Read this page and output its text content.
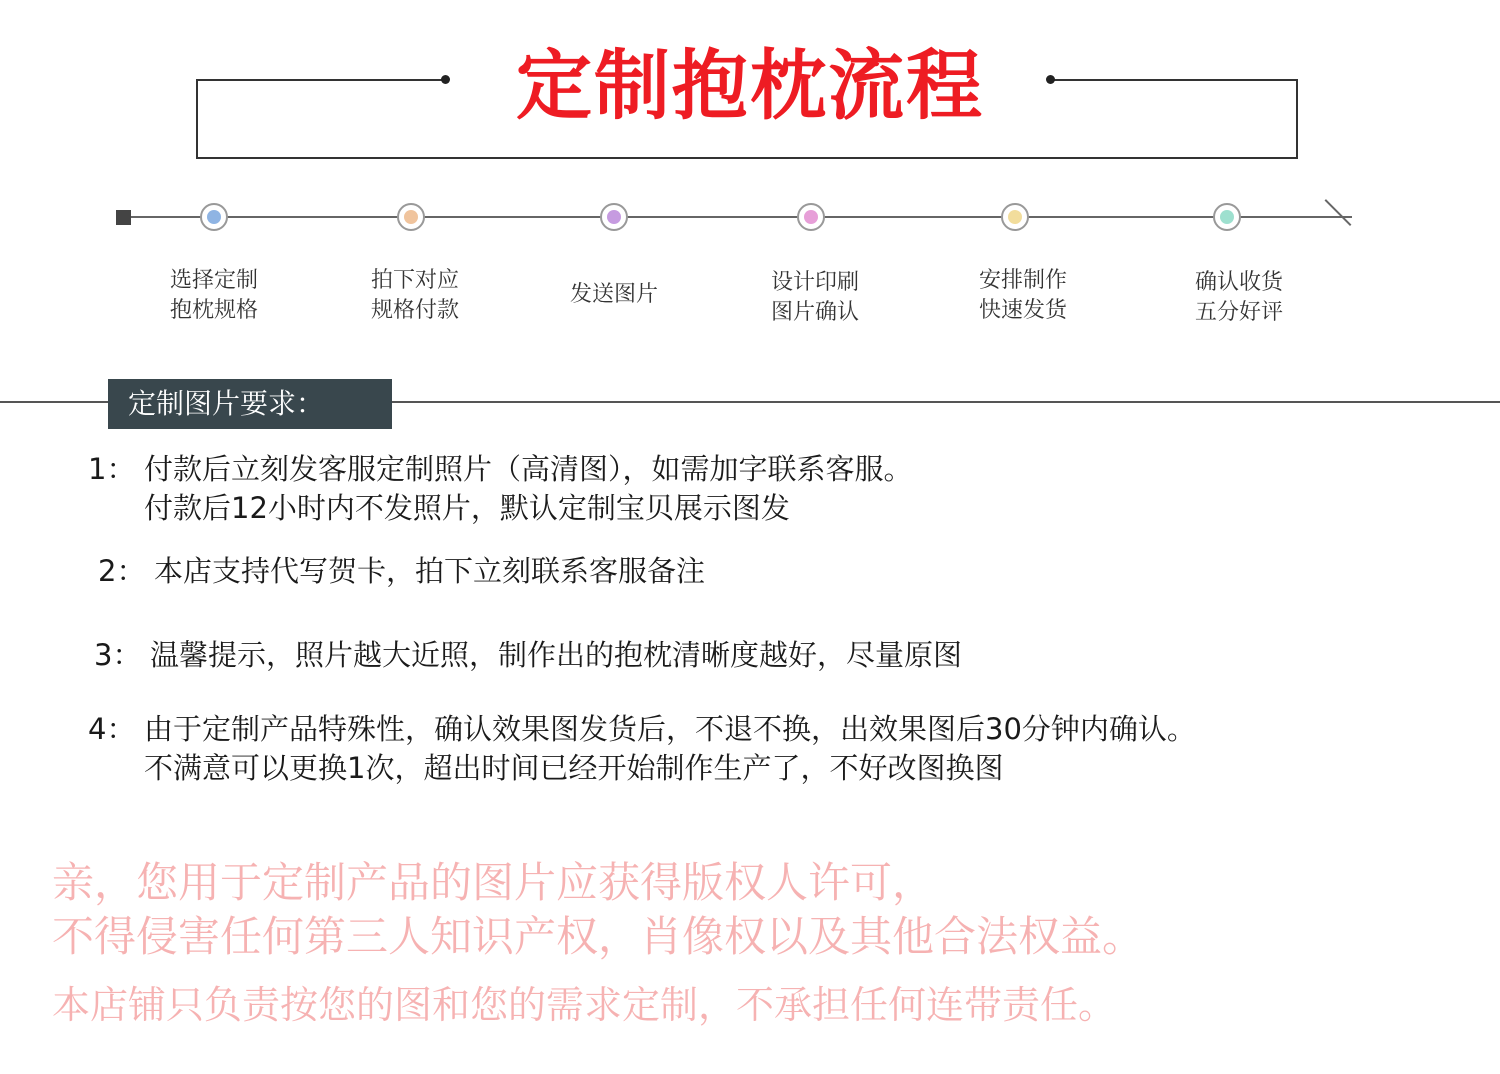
定制抱枕流程
选择定制
抱枕规格
拍下对应
规格付款
发送图片	设计印刷
图片确认
安排制作
快速发货
确认收货
五分好评
定制图片要求：
1： 付款后立刻发客服定制照片（高清图），如需加字联系客服。
付款后12小时内不发照片，默认定制宝贝展示图发
2： 本店支持代写贺卡，拍下立刻联系客服备注
3： 温馨提示，照片越大近照，制作出的抱枕清晰度越好，尽量原图
4： 由于定制产品特殊性，确认效果图发货后，不退不换，出效果图后30分钟内确认。
不满意可以更换1次，超出时间已经开始制作生产了，不好改图换图
亲，您用于定制产品的图片应获得版权人许可，
不得侵害任何第三人知识产权，肖像权以及其他合法权益。
本店铺只负责按您的图和您的需求定制，不承担任何连带责任。
